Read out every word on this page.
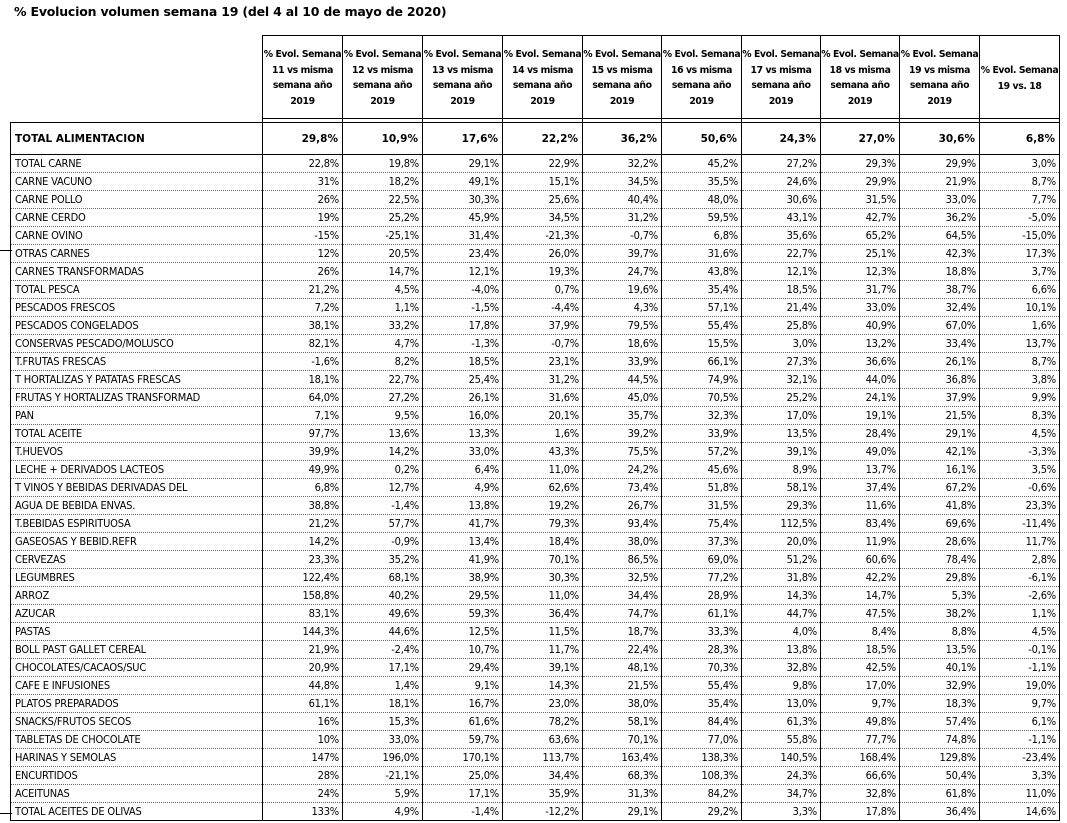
% Evolucion volumen semana 19 (del 4 al 10 de mayo de 2020)

	% Evol. Semana 11 vs misma semana año 2019	% Evol. Semana 12 vs misma semana año 2019	% Evol. Semana 13 vs misma semana año 2019	% Evol. Semana 14 vs misma semana año 2019	% Evol. Semana 15 vs misma semana año 2019	% Evol. Semana 16 vs misma semana año 2019	% Evol. Semana 17 vs misma semana año 2019	% Evol. Semana 18 vs misma semana año 2019	% Evol. Semana 19 vs misma semana año 2019	% Evol. Semana 19 vs. 18

TOTAL ALIMENTACION	29,8%	10,9%	17,6%	22,2%	36,2%	50,6%	24,3%	27,0%	30,6%	6,8%
TOTAL CARNE	22,8%	19,8%	29,1%	22,9%	32,2%	45,2%	27,2%	29,3%	29,9%	3,0%
CARNE VACUNO	31%	18,2%	49,1%	15,1%	34,5%	35,5%	24,6%	29,9%	21,9%	8,7%
CARNE POLLO	26%	22,5%	30,3%	25,6%	40,4%	48,0%	30,6%	31,5%	33,0%	7,7%
CARNE CERDO	19%	25,2%	45,9%	34,5%	31,2%	59,5%	43,1%	42,7%	36,2%	-5,0%
CARNE OVINO	-15%	-25,1%	31,4%	-21,3%	-0,7%	6,8%	35,6%	65,2%	64,5%	-15,0%
OTRAS CARNES	12%	20,5%	23,4%	26,0%	39,7%	31,6%	22,7%	25,1%	42,3%	17,3%
CARNES TRANSFORMADAS	26%	14,7%	12,1%	19,3%	24,7%	43,8%	12,1%	12,3%	18,8%	3,7%
TOTAL PESCA	21,2%	4,5%	-4,0%	0,7%	19,6%	35,4%	18,5%	31,7%	38,7%	6,6%
PESCADOS FRESCOS	7,2%	1,1%	-1,5%	-4,4%	4,3%	57,1%	21,4%	33,0%	32,4%	10,1%
PESCADOS CONGELADOS	38,1%	33,2%	17,8%	37,9%	79,5%	55,4%	25,8%	40,9%	67,0%	1,6%
CONSERVAS PESCADO/MOLUSCO	82,1%	4,7%	-1,3%	-0,7%	18,6%	15,5%	3,0%	13,2%	33,4%	13,7%
T.FRUTAS FRESCAS	-1,6%	8,2%	18,5%	23,1%	33,9%	66,1%	27,3%	36,6%	26,1%	8,7%
T HORTALIZAS Y PATATAS FRESCAS	18,1%	22,7%	25,4%	31,2%	44,5%	74,9%	32,1%	44,0%	36,8%	3,8%
FRUTAS Y HORTALIZAS TRANSFORMAD	64,0%	27,2%	26,1%	31,6%	45,0%	70,5%	25,2%	24,1%	37,9%	9,9%
PAN	7,1%	9,5%	16,0%	20,1%	35,7%	32,3%	17,0%	19,1%	21,5%	8,3%
TOTAL ACEITE	97,7%	13,6%	13,3%	1,6%	39,2%	33,9%	13,5%	28,4%	29,1%	4,5%
T.HUEVOS	39,9%	14,2%	33,0%	43,3%	75,5%	57,2%	39,1%	49,0%	42,1%	-3,3%
LECHE + DERIVADOS LACTEOS	49,9%	0,2%	6,4%	11,0%	24,2%	45,6%	8,9%	13,7%	16,1%	3,5%
T VINOS Y BEBIDAS DERIVADAS DEL	6,8%	12,7%	4,9%	62,6%	73,4%	51,8%	58,1%	37,4%	67,2%	-0,6%
AGUA DE BEBIDA ENVAS.	38,8%	-1,4%	13,8%	19,2%	26,7%	31,5%	29,3%	11,6%	41,8%	23,3%
T.BEBIDAS ESPIRITUOSA	21,2%	57,7%	41,7%	79,3%	93,4%	75,4%	112,5%	83,4%	69,6%	-11,4%
GASEOSAS Y BEBID.REFR	14,2%	-0,9%	13,4%	18,4%	38,0%	37,3%	20,0%	11,9%	28,6%	11,7%
CERVEZAS	23,3%	35,2%	41,9%	70,1%	86,5%	69,0%	51,2%	60,6%	78,4%	2,8%
LEGUMBRES	122,4%	68,1%	38,9%	30,3%	32,5%	77,2%	31,8%	42,2%	29,8%	-6,1%
ARROZ	158,8%	40,2%	29,5%	11,0%	34,4%	28,9%	14,3%	14,7%	5,3%	-2,6%
AZUCAR	83,1%	49,6%	59,3%	36,4%	74,7%	61,1%	44,7%	47,5%	38,2%	1,1%
PASTAS	144,3%	44,6%	12,5%	11,5%	18,7%	33,3%	4,0%	8,4%	8,8%	4,5%
BOLL PAST GALLET CEREAL	21,9%	-2,4%	10,7%	11,7%	22,4%	28,3%	13,8%	18,5%	13,5%	-0,1%
CHOCOLATES/CACAOS/SUC	20,9%	17,1%	29,4%	39,1%	48,1%	70,3%	32,8%	42,5%	40,1%	-1,1%
CAFE E INFUSIONES	44,8%	1,4%	9,1%	14,3%	21,5%	55,4%	9,8%	17,0%	32,9%	19,0%
PLATOS PREPARADOS	61,1%	18,1%	16,7%	23,0%	38,0%	35,4%	13,0%	9,7%	18,3%	9,7%
SNACKS/FRUTOS SECOS	16%	15,3%	61,6%	78,2%	58,1%	84,4%	61,3%	49,8%	57,4%	6,1%
TABLETAS DE CHOCOLATE	10%	33,0%	59,7%	63,6%	70,1%	77,0%	55,8%	77,7%	74,8%	-1,1%
HARINAS Y SEMOLAS	147%	196,0%	170,1%	113,7%	163,4%	138,3%	140,5%	168,4%	129,8%	-23,4%
ENCURTIDOS	28%	-21,1%	25,0%	34,4%	68,3%	108,3%	24,3%	66,6%	50,4%	3,3%
ACEITUNAS	24%	5,9%	17,1%	35,9%	31,3%	84,2%	34,7%	32,8%	61,8%	11,0%
TOTAL ACEITES DE OLIVAS	133%	4,9%	-1,4%	-12,2%	29,1%	29,2%	3,3%	17,8%	36,4%	14,6%
